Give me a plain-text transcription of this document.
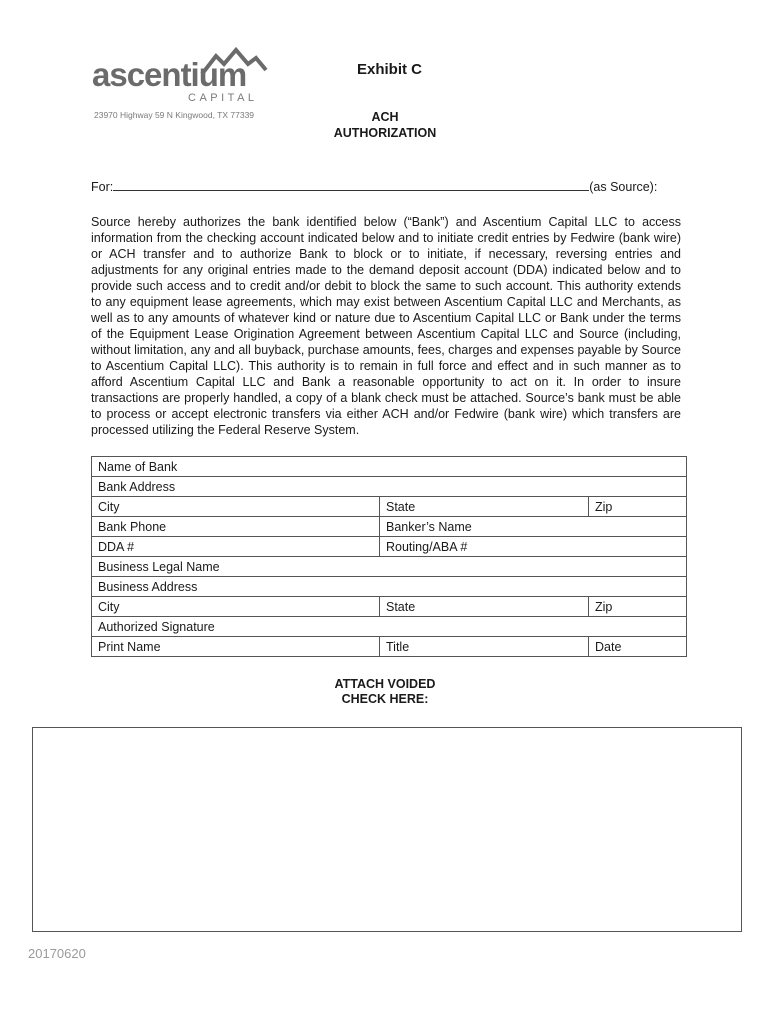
ascentium
CAPITAL
23970 Highway 59 N Kingwood, TX 77339
Exhibit C
ACH
AUTHORIZATION
For:	(as Source):
Source hereby authorizes the bank identified below (“Bank”) and Ascentium Capital LLC to access information from the checking account indicated below and to initiate credit entries by Fedwire (bank wire) or ACH transfer and to authorize Bank to block or to initiate, if necessary, reversing entries and adjustments for any original entries made to the demand deposit account (DDA) indicated below and to provide such access and to credit and/or debit to block the same to such account. This authority extends to any equipment lease agreements, which may exist between Ascentium Capital LLC and Merchants, as well as to any amounts of whatever kind or nature due to Ascentium Capital LLC or Bank under the terms of the Equipment Lease Origination Agreement between Ascentium Capital LLC and Source (including, without limitation, any and all buyback, purchase amounts, fees, charges and expenses payable by Source to Ascentium Capital LLC). This authority is to remain in full force and effect and in such manner as to afford Ascentium Capital LLC and Bank a reasonable opportunity to act on it. In order to insure transactions are properly handled, a copy of a blank check must be attached. Source’s bank must be able to process or accept electronic transfers via either ACH and/or Fedwire (bank wire) which transfers are processed utilizing the Federal Reserve System.
Name of Bank		
Bank Address		
City	State	Zip
Bank Phone	Banker’s Name	
DDA #	Routing/ABA #	
Business Legal Name		
Business Address		
City	State	Zip
Authorized Signature		
Print Name	Title	Date
ATTACH VOIDED
CHECK HERE:
20170620
